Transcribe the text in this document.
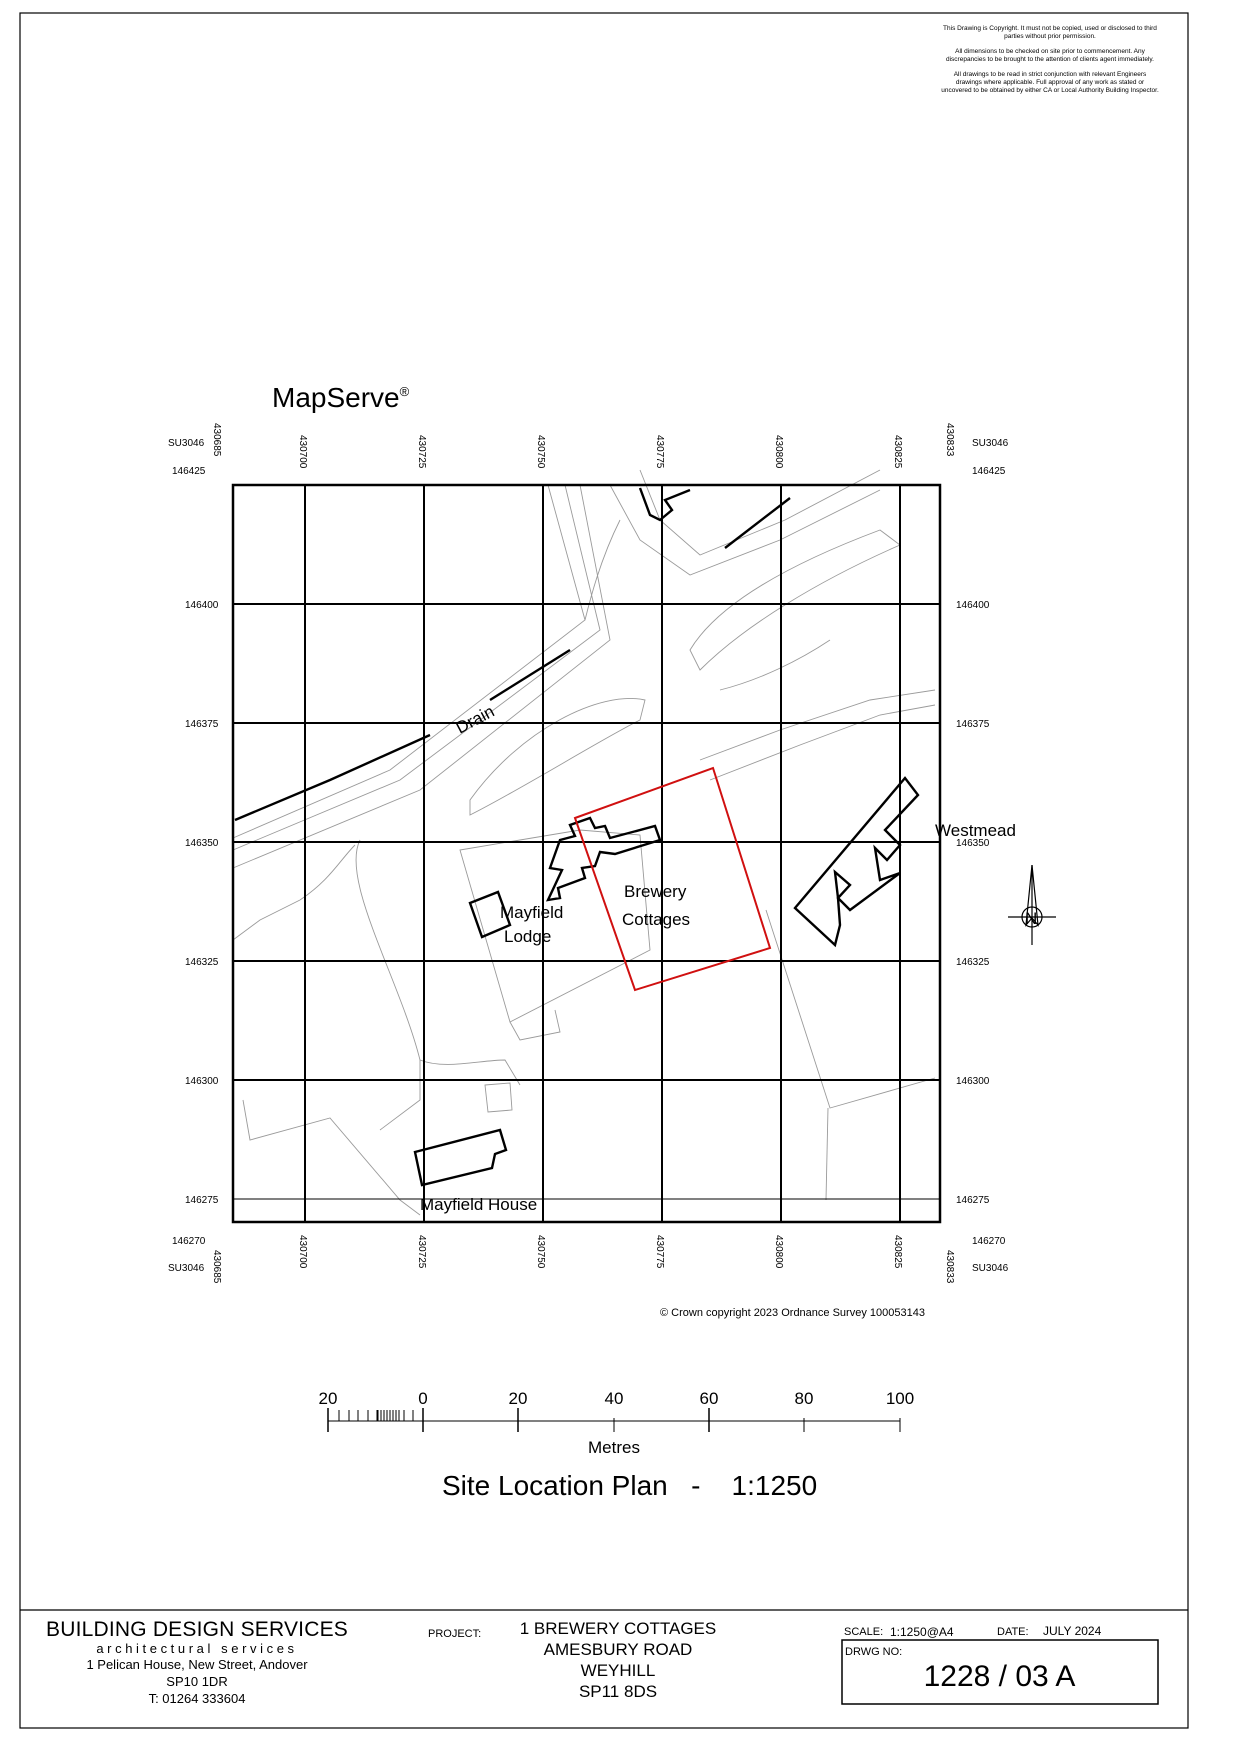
Drain
Mayfield
Lodge
Brewery
Cottages
Westmead
Mayfield House
SU3046
146425
SU3046
146425
SU3046
146270
SU3046
146270
146400
146375
146350
146325
146300
146275
146400
146375
146350
146325
146300
146275
430685	430700	430725	430750	430775	430800	430825	430833
430685	430700	430725	430750	430775	430800	430825	430833
N
20	0	20	40	60	80	100
Metres

This Drawing is Copyright. It must not be copied, used or disclosed to third parties without prior permission.

All dimensions to be checked on site prior to commencement. Any discrepancies to be brought to the attention of clients agent immediately.

All drawings to be read in strict conjunction with relevant Engineers drawings where applicable. Full approval of any work as stated or uncovered to be obtained by either CA or Local Authority Building Inspector.

MapServe®
© Crown copyright 2023 Ordnance Survey 100053143
Site Location Plan - 1:1250
BUILDING DESIGN SERVICES
architectural services
1 Pelican House, New Street, Andover
SP10 1DR
T: 01264 333604
PROJECT:	1 BREWERY COTTAGES
AMESBURY ROAD
WEYHILL
SP11 8DS
SCALE: 1:1250@A4	DATE: JULY 2024
DRWG NO:
1228 / 03 A
